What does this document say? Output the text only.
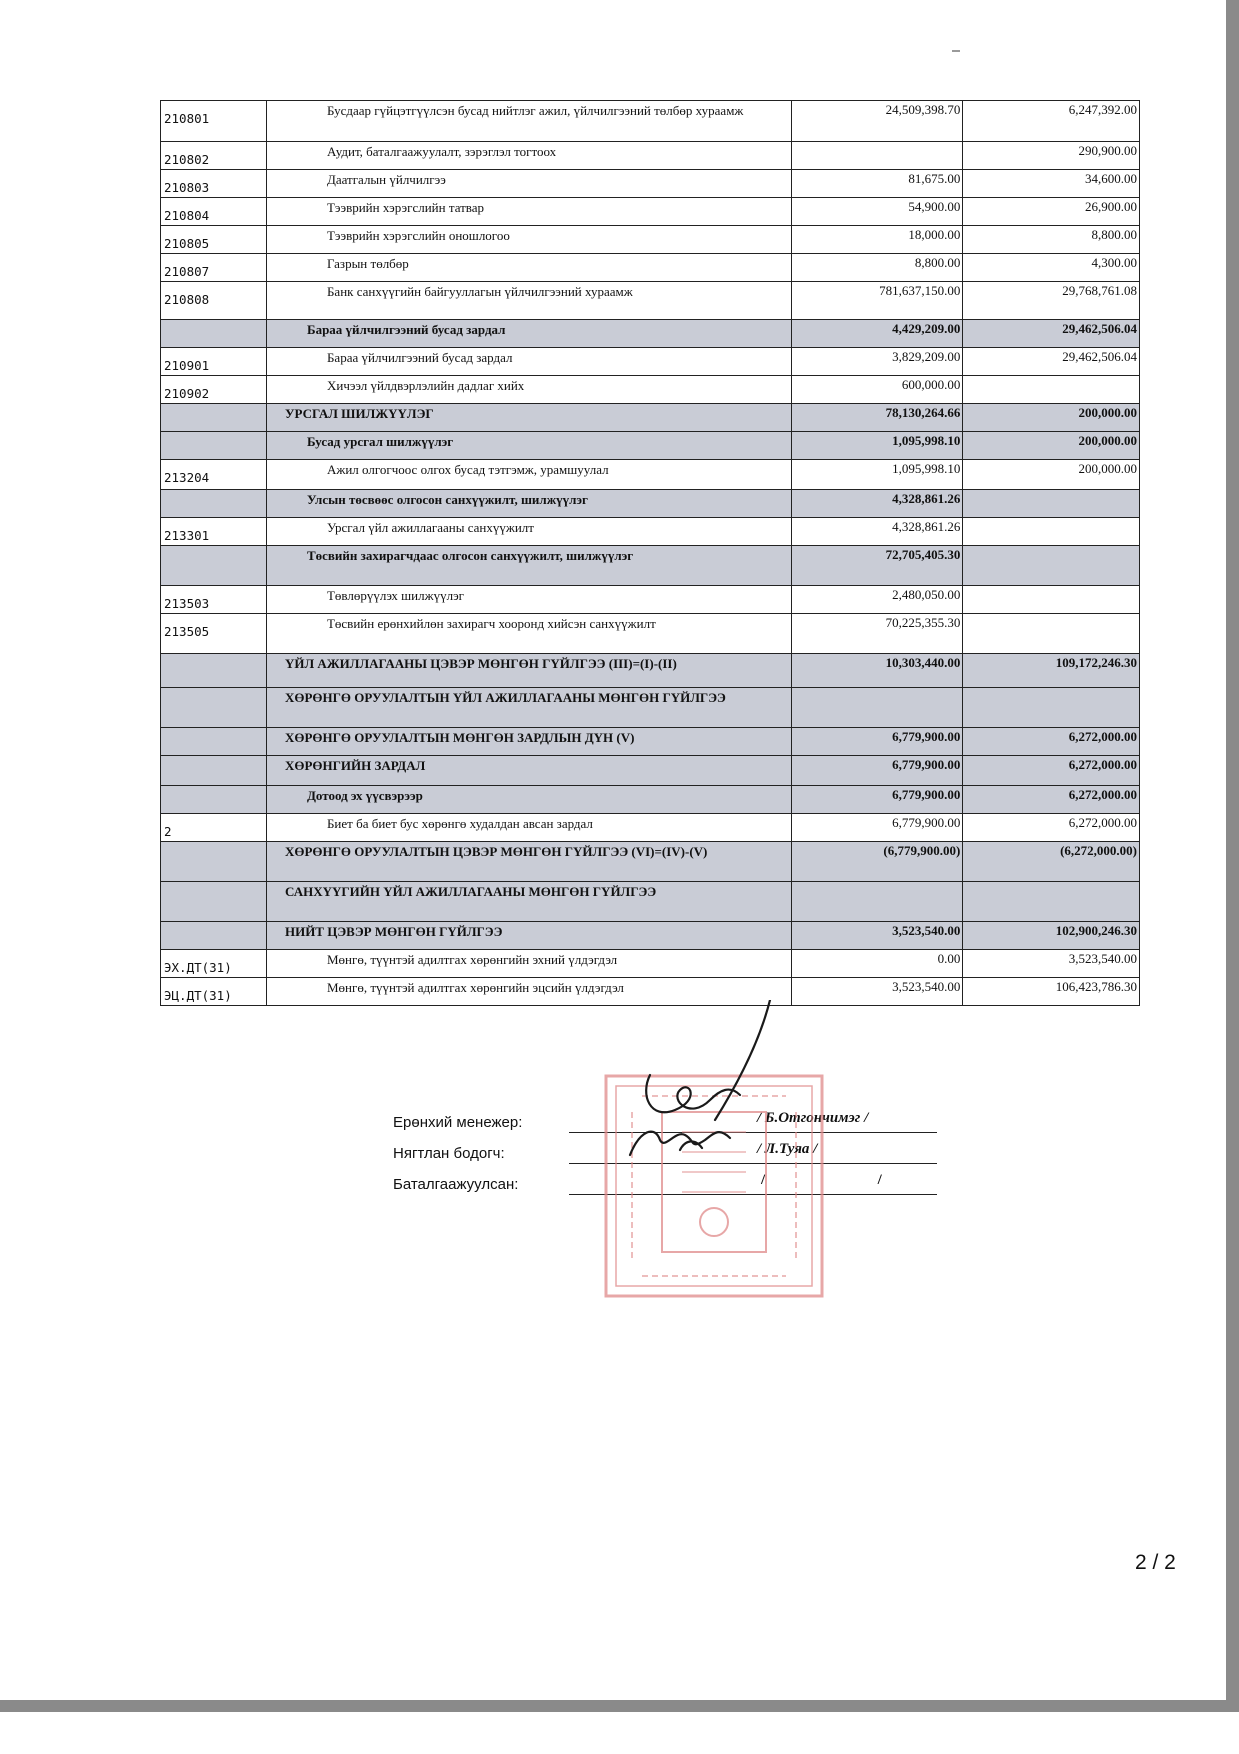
210801	Бусдаар гүйцэтгүүлсэн бусад нийтлэг ажил, үйлчилгээний төлбөр хураамж	24,509,398.70	6,247,392.00
210802	Аудит, баталгаажуулалт, зэрэглэл тогтоох		290,900.00
210803	Даатгалын үйлчилгээ	81,675.00	34,600.00
210804	Тээврийн хэрэгслийн татвар	54,900.00	26,900.00
210805	Тээврийн хэрэгслийн оношлогоо	18,000.00	8,800.00
210807	Газрын төлбөр	8,800.00	4,300.00
210808	Банк санхүүгийн байгууллагын үйлчилгээний хураамж	781,637,150.00	29,768,761.08
	Бараа үйлчилгээний бусад зардал	4,429,209.00	29,462,506.04
210901	Бараа үйлчилгээний бусад зардал	3,829,209.00	29,462,506.04
210902	Хичээл үйлдвэрлэлийн дадлаг хийх	600,000.00	
	УРСГАЛ ШИЛЖҮҮЛЭГ	78,130,264.66	200,000.00
	Бусад урсгал шилжүүлэг	1,095,998.10	200,000.00
213204	Ажил олгогчоос олгох бусад тэтгэмж, урамшуулал	1,095,998.10	200,000.00
	Улсын төсвөөс олгосон санхүүжилт, шилжүүлэг	4,328,861.26	
213301	Урсгал үйл ажиллагааны санхүүжилт	4,328,861.26	
	Төсвийн захирагчдаас олгосон санхүүжилт, шилжүүлэг	72,705,405.30	
213503	Төвлөрүүлэх шилжүүлэг	2,480,050.00	
213505	Төсвийн ерөнхийлөн захирагч хооронд хийсэн санхүүжилт	70,225,355.30	
	ҮЙЛ АЖИЛЛАГААНЫ ЦЭВЭР МӨНГӨН ГҮЙЛГЭЭ (III)=(I)-(II)	10,303,440.00	109,172,246.30
	ХӨРӨНГӨ ОРУУЛАЛТЫН ҮЙЛ АЖИЛЛАГААНЫ МӨНГӨН ГҮЙЛГЭЭ		
	ХӨРӨНГӨ ОРУУЛАЛТЫН МӨНГӨН ЗАРДЛЫН ДҮН (V)	6,779,900.00	6,272,000.00
	ХӨРӨНГИЙН ЗАРДАЛ	6,779,900.00	6,272,000.00
	Дотоод эх үүсвэрээр	6,779,900.00	6,272,000.00
2	Биет ба биет бус хөрөнгө худалдан авсан зардал	6,779,900.00	6,272,000.00
	ХӨРӨНГӨ ОРУУЛАЛТЫН ЦЭВЭР МӨНГӨН ГҮЙЛГЭЭ (VI)=(IV)-(V)	(6,779,900.00)	(6,272,000.00)
	САНХҮҮГИЙН ҮЙЛ АЖИЛЛАГААНЫ МӨНГӨН ГҮЙЛГЭЭ		
	НИЙТ ЦЭВЭР МӨНГӨН ГҮЙЛГЭЭ	3,523,540.00	102,900,246.30
ЭХ.ДТ(31)	Мөнгө, түүнтэй адилтгах хөрөнгийн эхний үлдэгдэл	0.00	3,523,540.00
ЭЦ.ДТ(31)	Мөнгө, түүнтэй адилтгах хөрөнгийн эцсийн үлдэгдэл	3,523,540.00	106,423,786.30
Ерөнхий менежер:	/ Б.Отгончимэг /
Нягтлан бодогч:	/ Л.Туяа /
Баталгаажуулсан:	/                              /
2 / 2
